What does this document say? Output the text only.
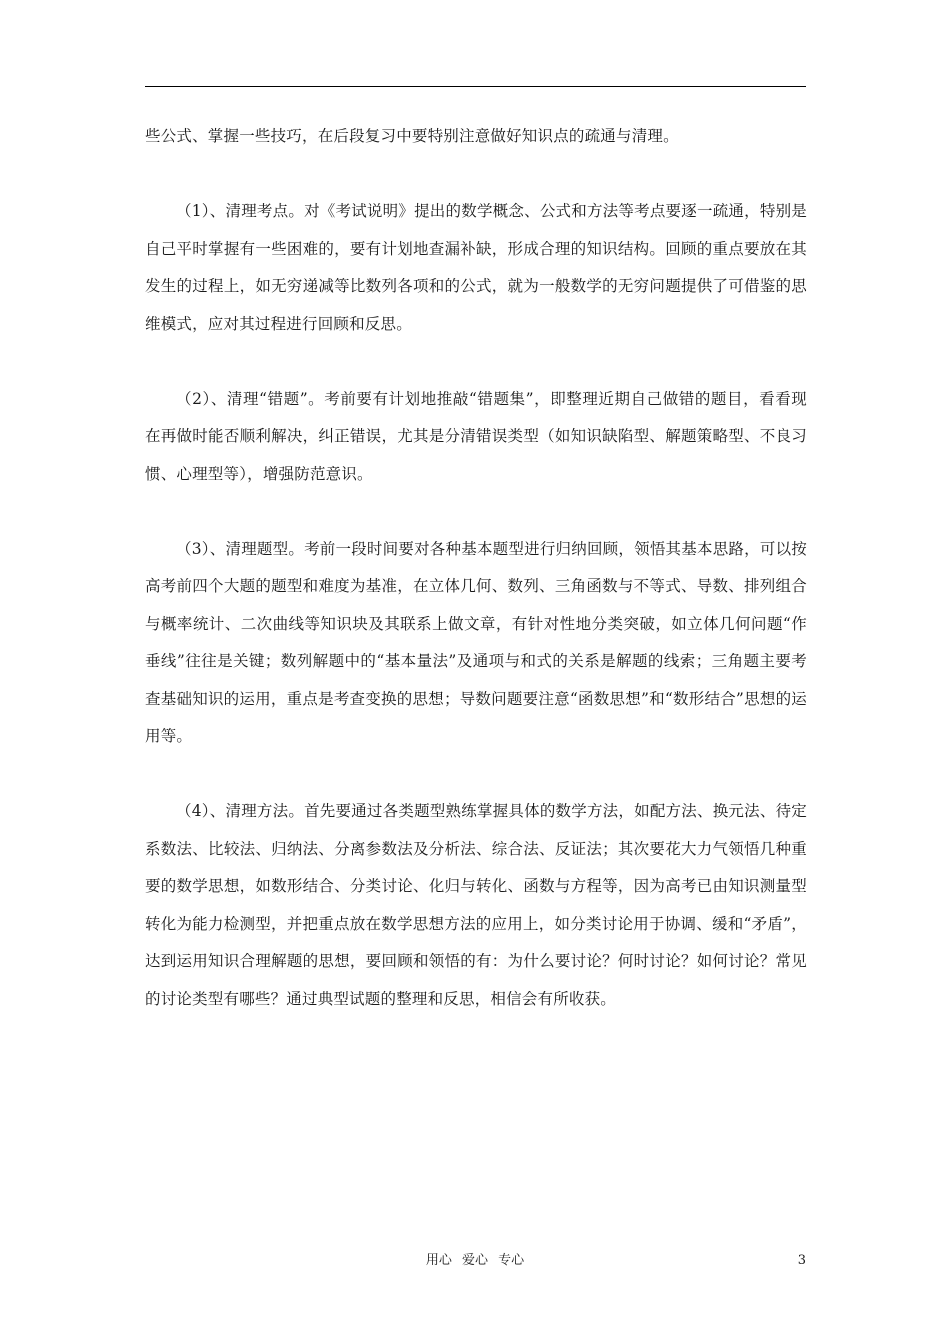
些公式、掌握一些技巧，在后段复习中要特别注意做好知识点的疏通与清理。

（1）、清理考点。对《考试说明》提出的数学概念、公式和方法等考点要逐一疏通，特别是自己平时掌握有一些困难的，要有计划地查漏补缺，形成合理的知识结构。回顾的重点要放在其发生的过程上，如无穷递减等比数列各项和的公式，就为一般数学的无穷问题提供了可借鉴的思维模式，应对其过程进行回顾和反思。

（2）、清理“错题”。考前要有计划地推敲“错题集”，即整理近期自己做错的题目，看看现在再做时能否顺利解决，纠正错误，尤其是分清错误类型（如知识缺陷型、解题策略型、不良习惯、心理型等），增强防范意识。

（3）、清理题型。考前一段时间要对各种基本题型进行归纳回顾，领悟其基本思路，可以按高考前四个大题的题型和难度为基准，在立体几何、数列、三角函数与不等式、导数、排列组合与概率统计、二次曲线等知识块及其联系上做文章，有针对性地分类突破，如立体几何问题“作垂线”往往是关键；数列解题中的“基本量法”及通项与和式的关系是解题的线索；三角题主要考查基础知识的运用，重点是考查变换的思想；导数问题要注意“函数思想”和“数形结合”思想的运用等。

（4）、清理方法。首先要通过各类题型熟练掌握具体的数学方法，如配方法、换元法、待定系数法、比较法、归纳法、分离参数法及分析法、综合法、反证法；其次要花大力气领悟几种重要的数学思想，如数形结合、分类讨论、化归与转化、函数与方程等，因为高考已由知识测量型转化为能力检测型，并把重点放在数学思想方法的应用上，如分类讨论用于协调、缓和“矛盾”，达到运用知识合理解题的思想，要回顾和领悟的有：为什么要讨论？何时讨论？如何讨论？常见的讨论类型有哪些？通过典型试题的整理和反思，相信会有所收获。

用心 爱心 专心	3
